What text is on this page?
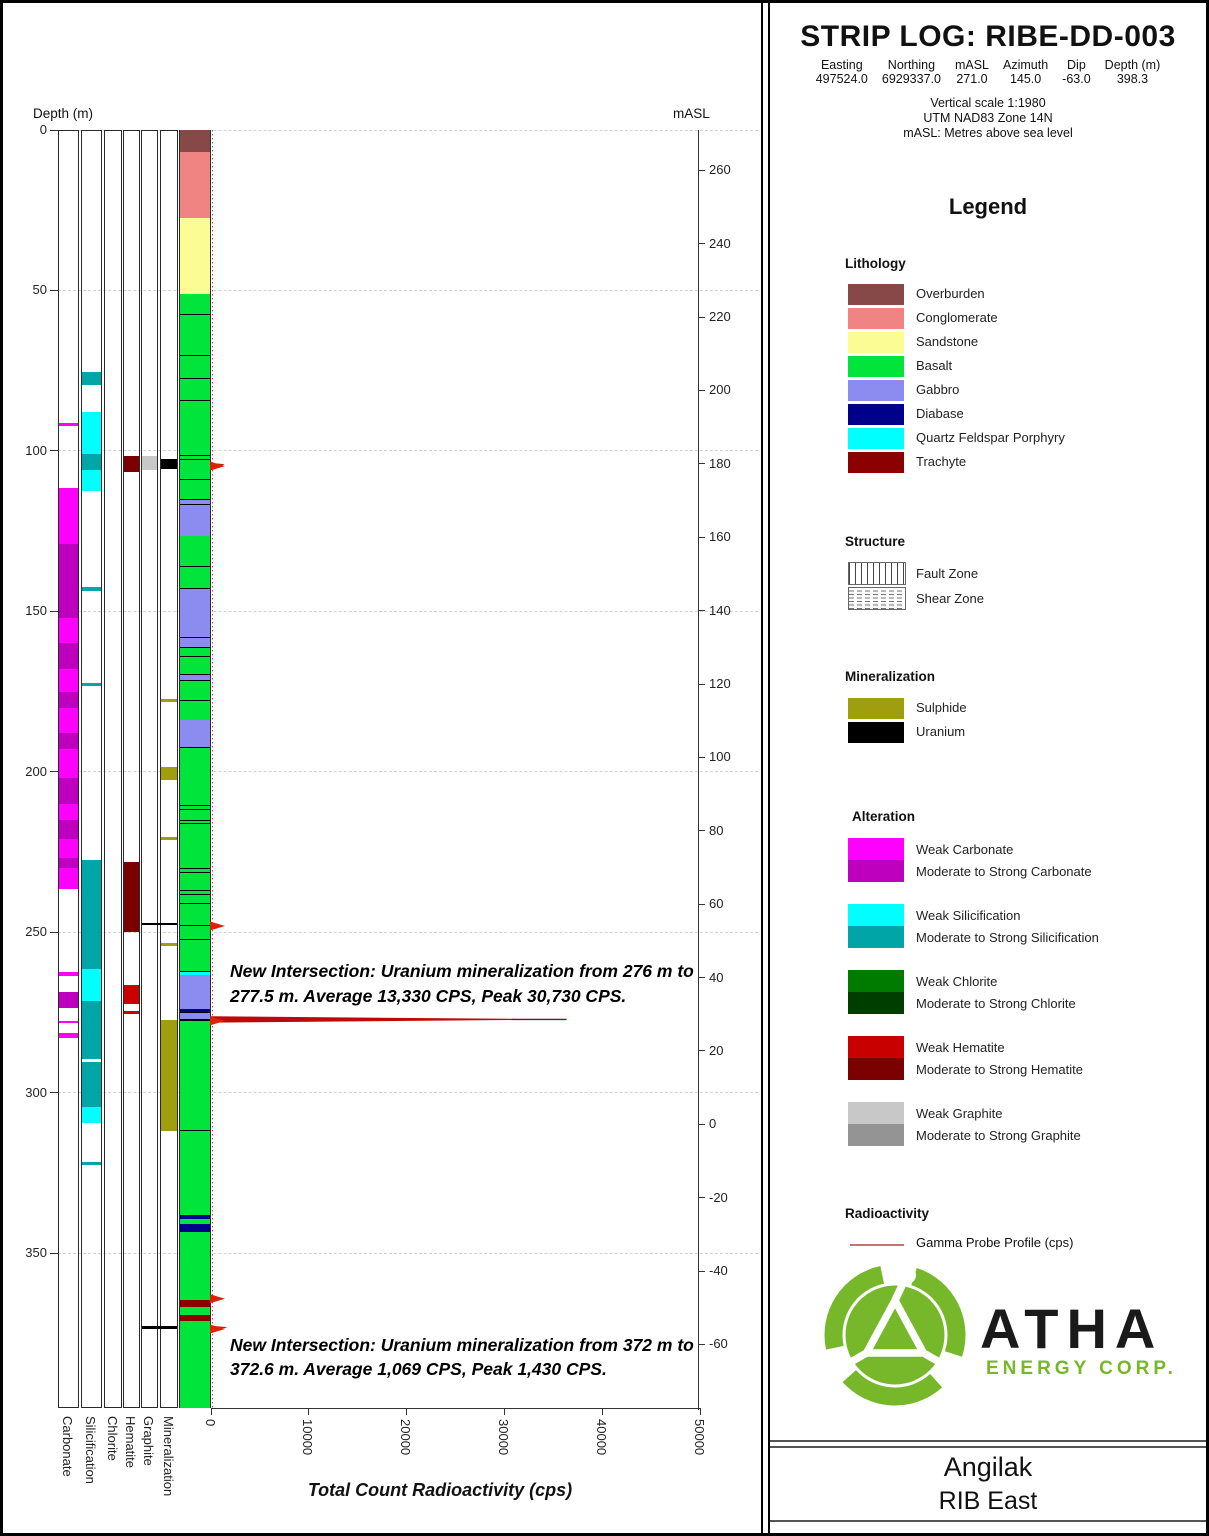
Depth (m)	mASL
0
50
100
150
200
250
300
350
260
240
220
200
180
160
140
120
100
80
60
40
20
0
-20
-40
-60
0	10000	20000	30000	40000	50000
New Intersection: Uranium mineralization from 276 m to 277.5 m. Average 13,330 CPS, Peak 30,730 CPS.
New Intersection: Uranium mineralization from 372 m to 372.6 m. Average 1,069 CPS, Peak 1,430 CPS.
Total Count Radioactivity (cps)
Carbonate Silicification Chlorite Hematite Graphite Mineralization
STRIP LOG: RIBE-DD-003
Easting
497524.0
Northing
6929337.0
mASL
271.0
Azimuth
145.0
Dip
-63.0
Depth (m)
398.3
Vertical scale 1:1980
UTM NAD83 Zone 14N
mASL: Metres above sea level
Legend
Lithology
Overburden
Conglomerate
Sandstone
Basalt
Gabbro
Diabase
Quartz Feldspar Porphyry
Trachyte
Structure
Fault Zone
Shear Zone
Mineralization
Sulphide
Uranium
Alteration
Weak Carbonate
Moderate to Strong Carbonate
Weak Silicification
Moderate to Strong Silicification
Weak Chlorite
Moderate to Strong Chlorite
Weak Hematite
Moderate to Strong Hematite
Weak Graphite
Moderate to Strong Graphite
Radioactivity
Gamma Probe Profile (cps)
ATHA
ENERGY CORP.
Angilak
RIB East
